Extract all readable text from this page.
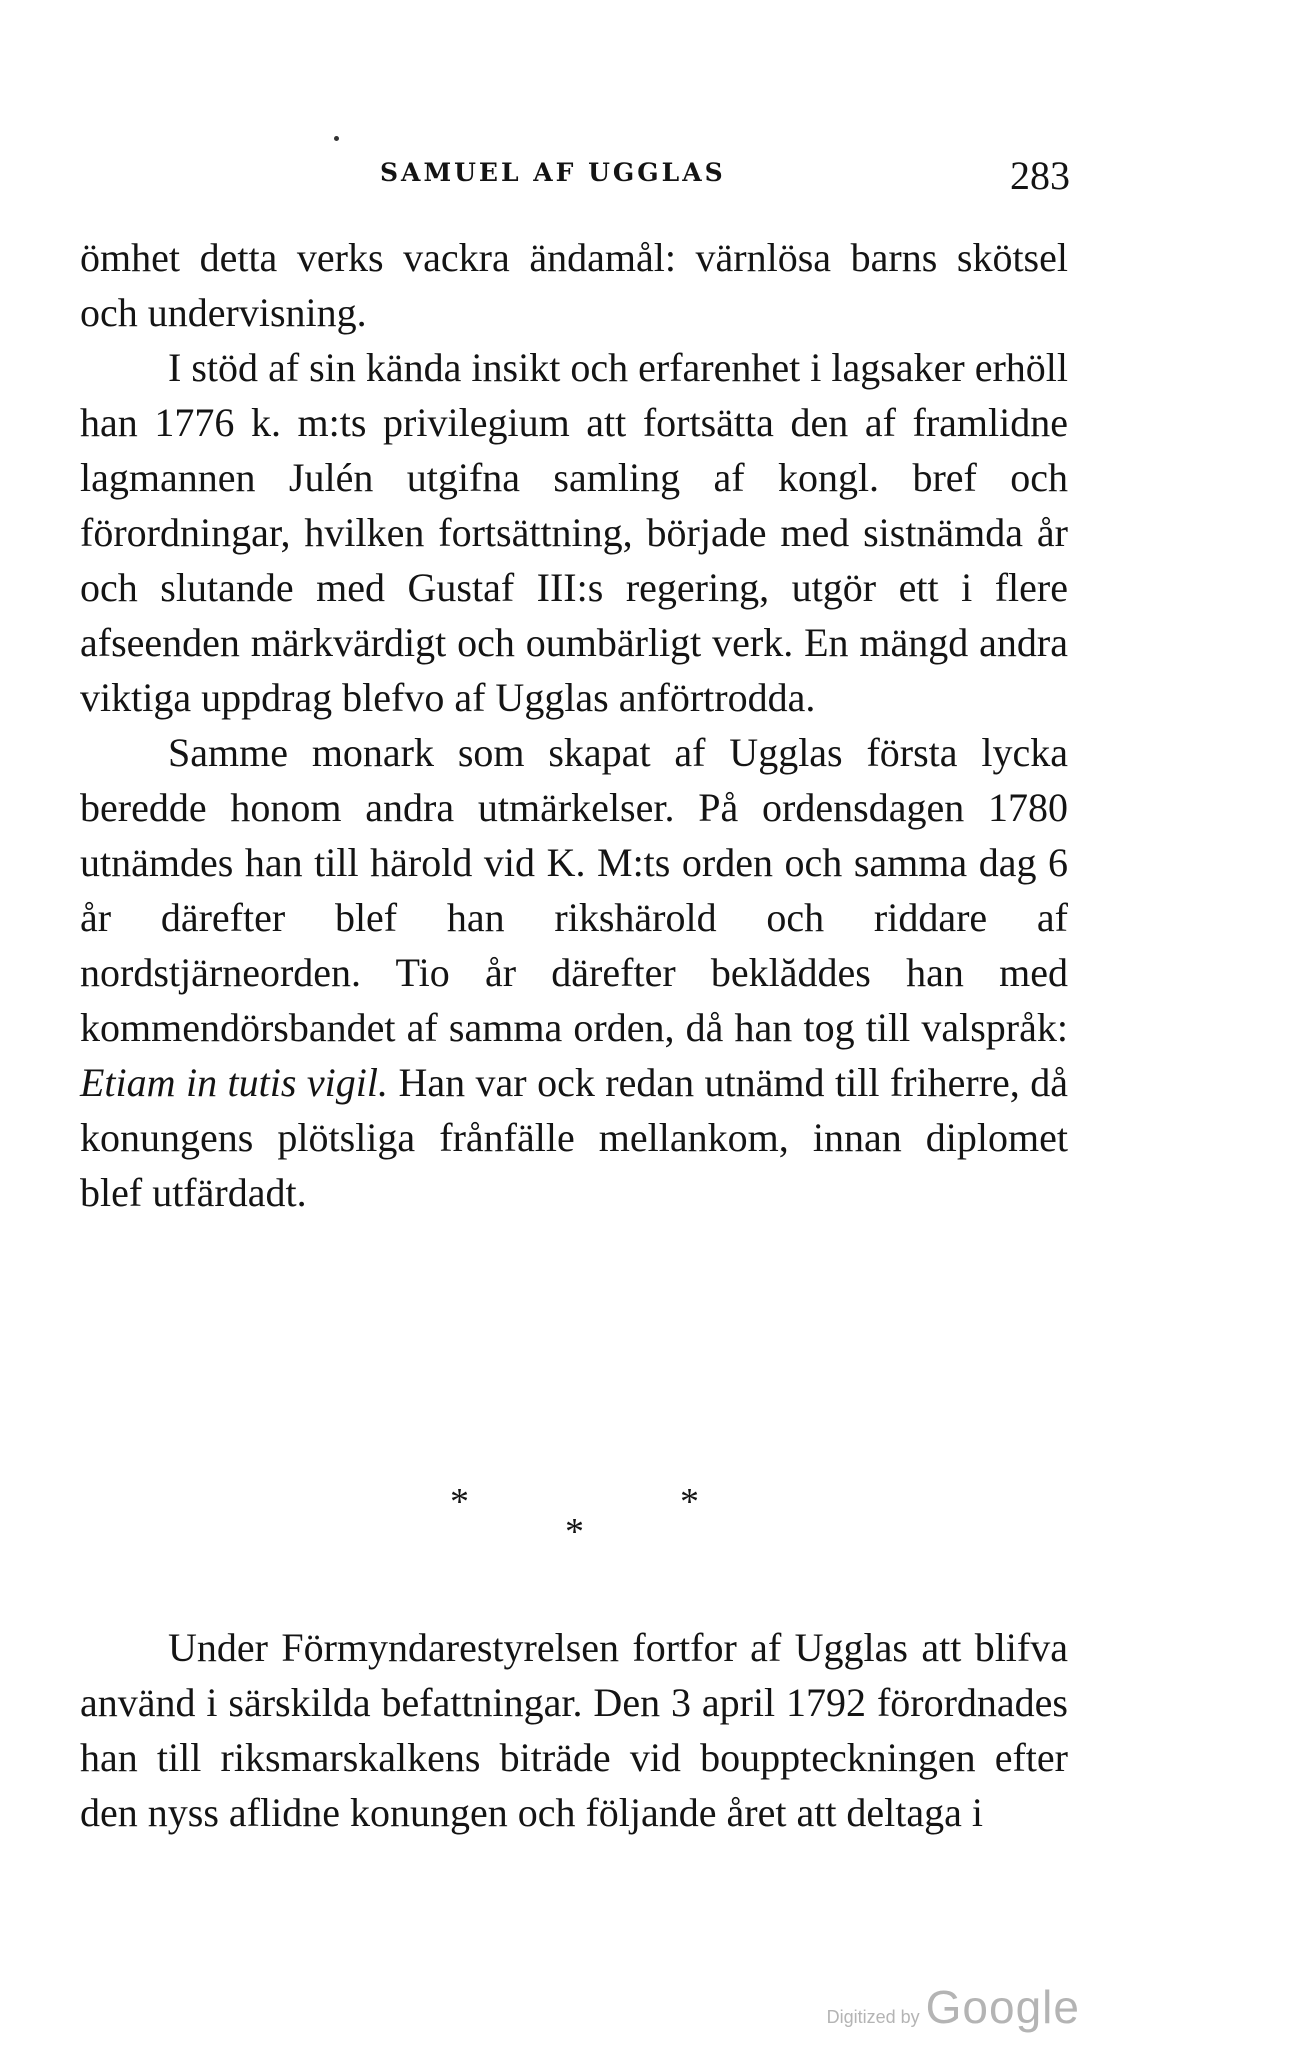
SAMUEL AF UGGLAS	283

ömhet detta verks vackra ändamål: värnlösa barns skötsel och undervisning.

I stöd af sin kända insikt och erfarenhet i lagsaker erhöll han 1776 k. m:ts privilegium att fortsätta den af framlidne lagmannen Julén utgifna samling af kongl. bref och förordningar, hvilken fortsättning, började med sistnämda år och slutande med Gustaf III:s regering, utgör ett i flere afseenden märkvärdigt och oumbärligt verk. En mängd andra viktiga uppdrag blefvo af Ugglas anförtrodda.

Samme monark som skapat af Ugglas första lycka beredde honom andra utmärkelser. På ordensdagen 1780 utnämdes han till härold vid K. M:ts orden och samma dag 6 år därefter blef han rikshärold och riddare af nordstjärneorden. Tio år därefter beklăddes han med kommendörsbandet af samma orden, då han tog till valspråk: Etiam in tutis vigil. Han var ock redan utnämd till friherre, då konungens plötsliga frånfälle mellankom, innan diplomet blef utfärdadt.

*	*
*

Under Förmyndarestyrelsen fortfor af Ugglas att blifva använd i särskilda befattningar. Den 3 april 1792 förordnades han till riksmarskalkens biträde vid bouppteckningen efter den nyss aflidne konungen och följande året att deltaga i

Digitized by Google
